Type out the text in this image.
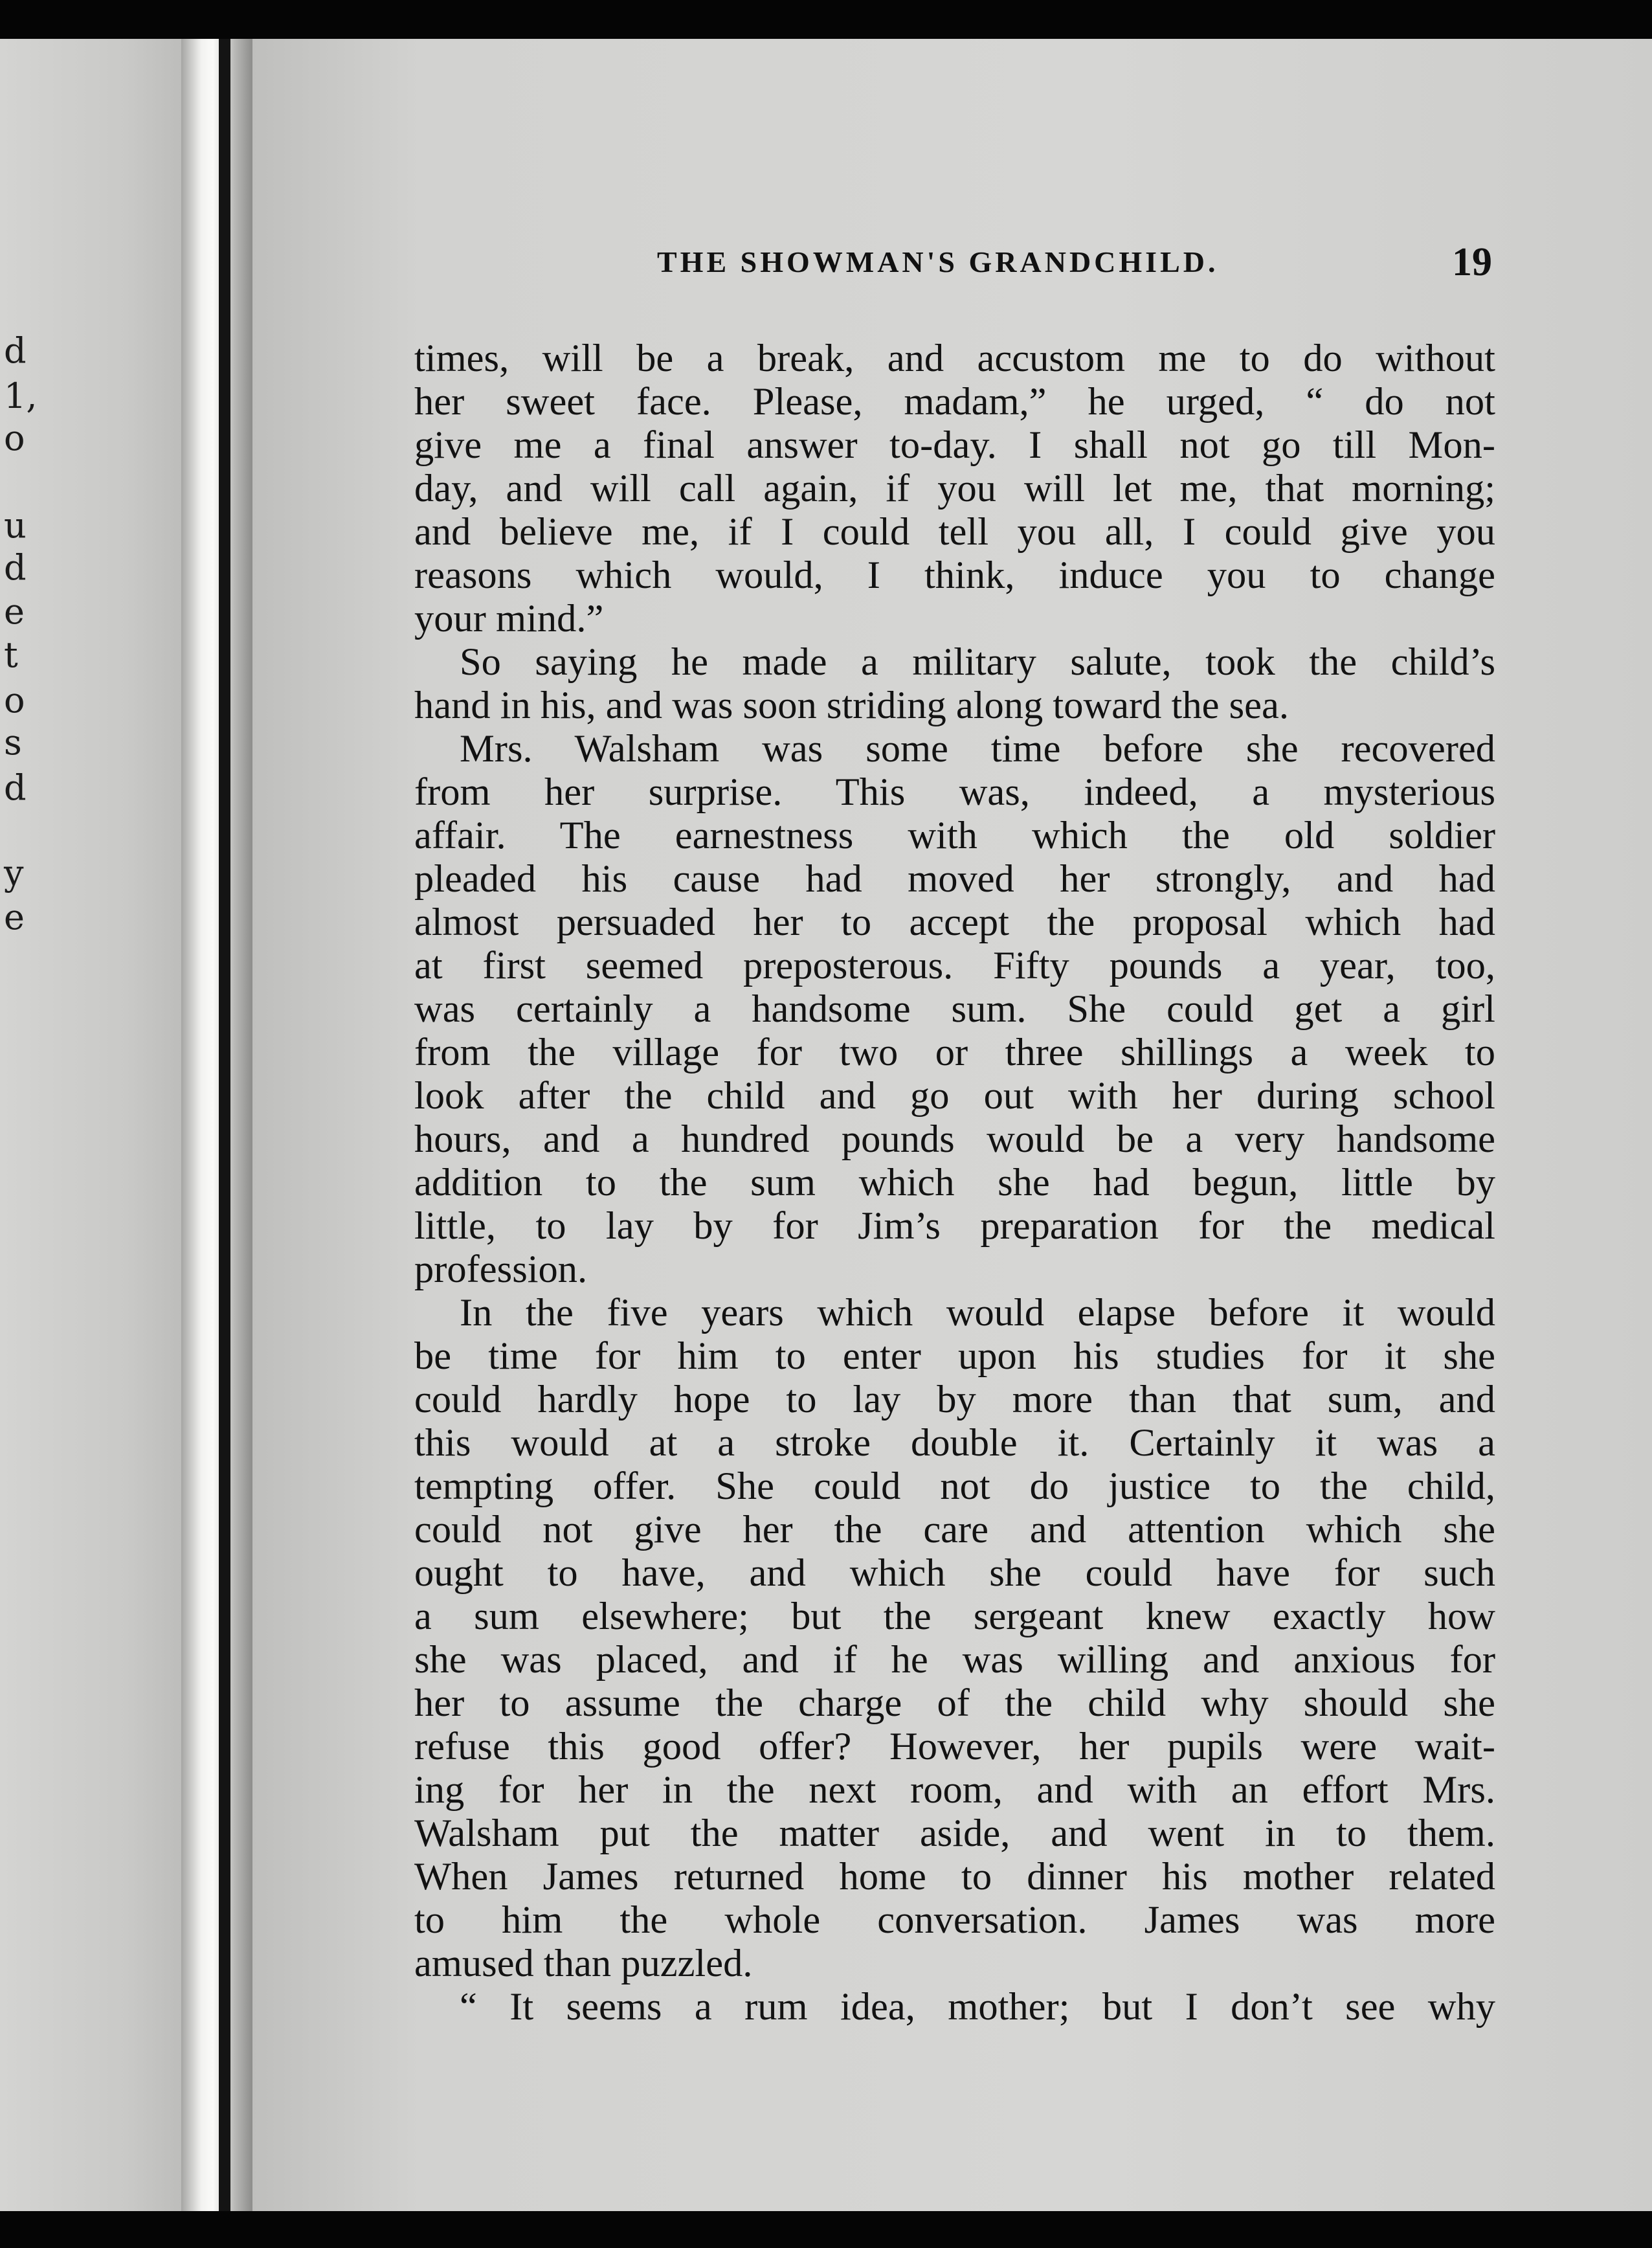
d
1,
o
u
d
e
t
o
s
d
y
e
THE SHOWMAN'S GRANDCHILD.	19
times, will be a break, and accustom me to do without
her sweet face. Please, madam,” he urged, “ do not
give me a final answer to-day. I shall not go till Mon-
day, and will call again, if you will let me, that morning;
and believe me, if I could tell you all, I could give you
reasons which would, I think, induce you to change
your mind.”
So saying he made a military salute, took the child’s
hand in his, and was soon striding along toward the sea.
Mrs. Walsham was some time before she recovered
from her surprise. This was, indeed, a mysterious
affair. The earnestness with which the old soldier
pleaded his cause had moved her strongly, and had
almost persuaded her to accept the proposal which had
at first seemed preposterous. Fifty pounds a year, too,
was certainly a handsome sum. She could get a girl
from the village for two or three shillings a week to
look after the child and go out with her during school
hours, and a hundred pounds would be a very handsome
addition to the sum which she had begun, little by
little, to lay by for Jim’s preparation for the medical
profession.
In the five years which would elapse before it would
be time for him to enter upon his studies for it she
could hardly hope to lay by more than that sum, and
this would at a stroke double it. Certainly it was a
tempting offer. She could not do justice to the child,
could not give her the care and attention which she
ought to have, and which she could have for such
a sum elsewhere; but the sergeant knew exactly how
she was placed, and if he was willing and anxious for
her to assume the charge of the child why should she
refuse this good offer? However, her pupils were wait-
ing for her in the next room, and with an effort Mrs.
Walsham put the matter aside, and went in to them.
When James returned home to dinner his mother related
to him the whole conversation. James was more
amused than puzzled.
“ It seems a rum idea, mother; but I don’t see why
